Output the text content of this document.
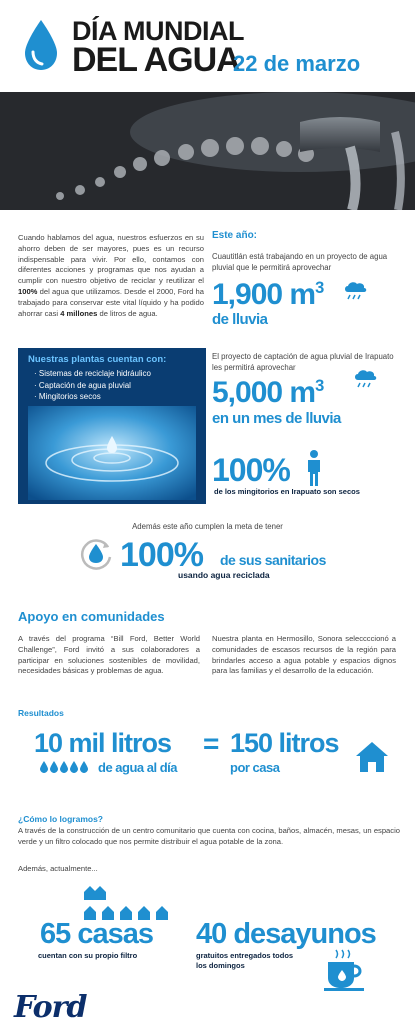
DÍA MUNDIAL
DEL AGUA
22 de marzo
Cuando hablamos del agua, nuestros esfuerzos en su ahorro deben de ser mayores, pues es un recurso indispensable para vivir. Por ello, contamos con diferentes acciones y programas que nos ayudan a cumplir con nuestro objetivo de reciclar y reutilizar el 100% del agua que utilizamos. Desde el 2000, Ford ha trabajado para conservar este vital líquido y ha podido ahorrar casi 4 millones de litros de agua.
Nuestras plantas cuentan con:
· Sistemas de reciclaje hidráulico
· Captación de agua pluvial
· Mingitorios secos
Este año:
Cuautitlán está trabajando en un proyecto de agua pluvial que le permitirá aprovechar
1,900 $m^3$
de lluvia
El proyecto de captación de agua pluvial de Irapuato les permitirá aprovechar
5,000 $m^3$
en un mes de lluvia
100%
de los mingitorios en Irapuato son secos
Además este año cumplen la meta de tener
100% de sus sanitarios
usando agua reciclada
Apoyo en comunidades
A través del programa “Bill Ford, Better World Challenge”, Ford invitó a sus colaboradores a participar en soluciones sostenibles de movilidad, necesidades básicas y problemas de agua.
Nuestra planta en Hermosillo, Sonora seleccccionó a comunidades de escasos recursos de la región para brindarles acceso a agua potable y espacios dignos para las familias y el desarrollo de la educación.
Resultados
10 mil litros
de agua al día
= 150 litros
por casa
¿Cómo lo logramos?
A través de la construcción de un centro comunitario que cuenta con cocina, baños, almacén, mesas, un espacio verde y un filtro colocado que nos permite distribuir el agua potable de la zona.
Además, actualmente...
65 casas
cuentan con su propio filtro
40 desayunos
gratuitos entregados todos
los domingos
Ford
